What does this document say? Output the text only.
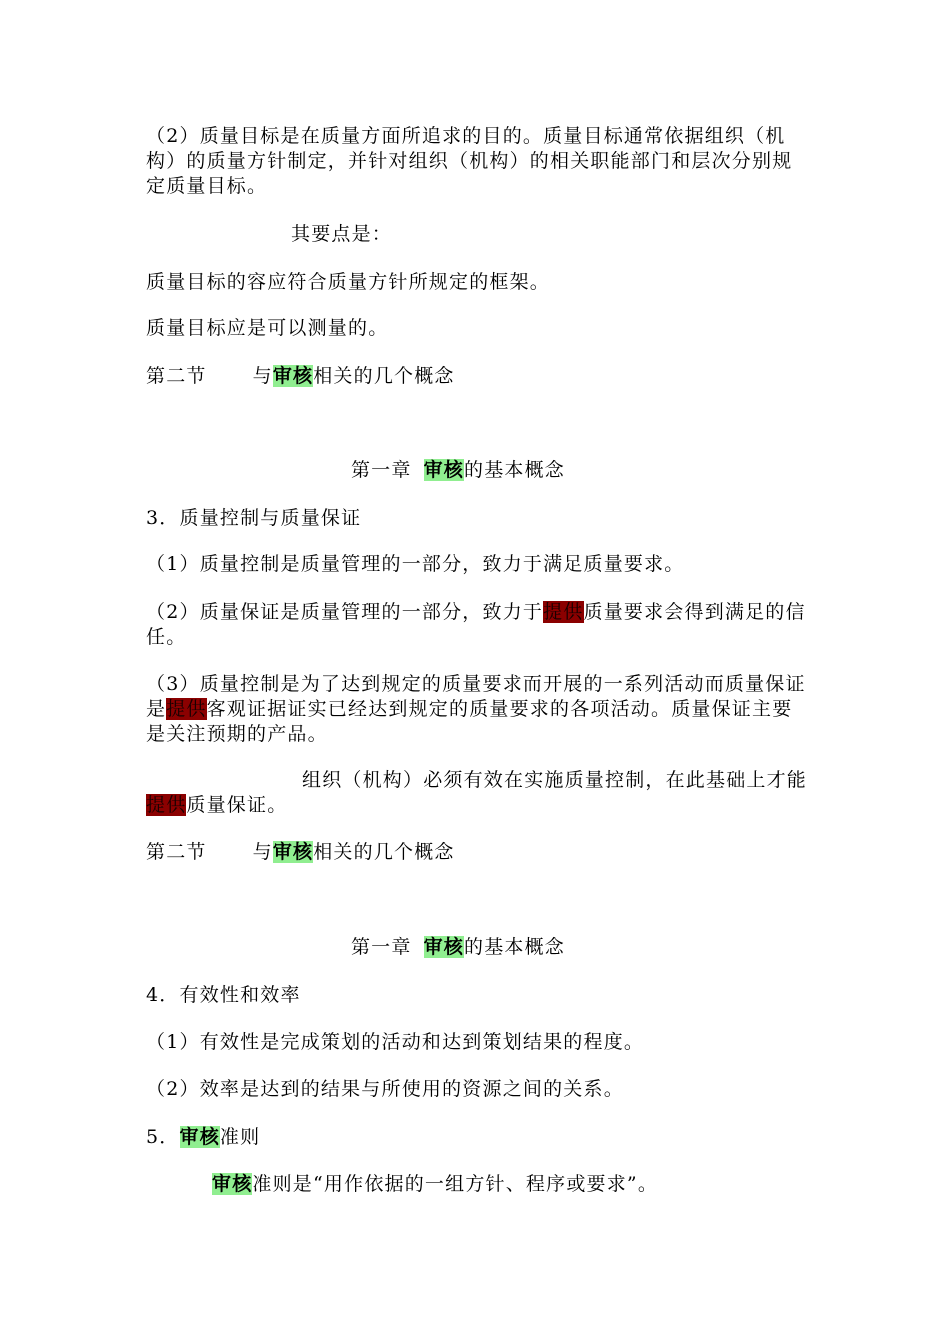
（2）质量目标是在质量方面所追求的目的。质量目标通常依据组织（机构）的质量方针制定，并针对组织（机构）的相关职能部门和层次分别规定质量目标。
其要点是：
质量目标的容应符合质量方针所规定的框架。
质量目标应是可以测量的。
第二节 与审核相关的几个概念
第一章 审核的基本概念
3．质量控制与质量保证
（1）质量控制是质量管理的一部分，致力于满足质量要求。
（2）质量保证是质量管理的一部分，致力于提供质量要求会得到满足的信任。
（3）质量控制是为了达到规定的质量要求而开展的一系列活动而质量保证是提供客观证据证实已经达到规定的质量要求的各项活动。质量保证主要是关注预期的产品。
组织（机构）必须有效在实施质量控制，在此基础上才能提供质量保证。
第二节 与审核相关的几个概念
第一章 审核的基本概念
4．有效性和效率
（1）有效性是完成策划的活动和达到策划结果的程度。
（2）效率是达到的结果与所使用的资源之间的关系。
5．审核准则
审核准则是“用作依据的一组方针、程序或要求”。
